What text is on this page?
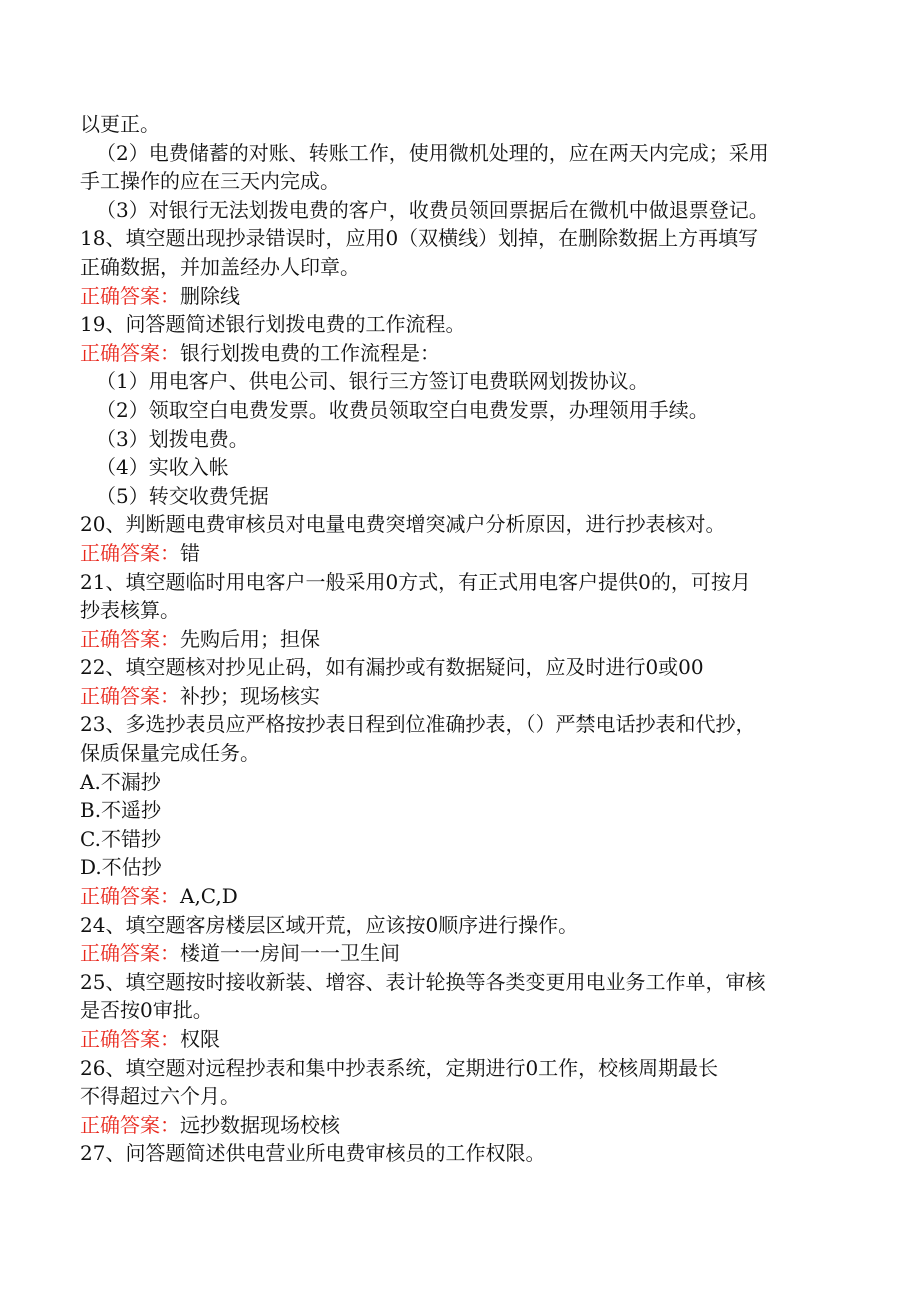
以更正。
（2）电费储蓄的对账、转账工作，使用微机处理的，应在两天内完成；采用
手工操作的应在三天内完成。
（3）对银行无法划拨电费的客户，收费员领回票据后在微机中做退票登记。
18、填空题出现抄录错误时，应用0（双横线）划掉，在删除数据上方再填写
正确数据，并加盖经办人印章。
正确答案：删除线
19、问答题简述银行划拨电费的工作流程。
正确答案：银行划拨电费的工作流程是：
（1）用电客户、供电公司、银行三方签订电费联网划拨协议。
（2）领取空白电费发票。收费员领取空白电费发票，办理领用手续。
（3）划拨电费。
（4）实收入帐
（5）转交收费凭据
20、判断题电费审核员对电量电费突增突减户分析原因，进行抄表核对。
正确答案：错
21、填空题临时用电客户一般采用0方式，有正式用电客户提供0的，可按月
抄表核算。
正确答案：先购后用；担保
22、填空题核对抄见止码，如有漏抄或有数据疑问，应及时进行0或00
正确答案：补抄；现场核实
23、多选抄表员应严格按抄表日程到位准确抄表，（）严禁电话抄表和代抄，
保质保量完成任务。
A.不漏抄
B.不遥抄
C.不错抄
D.不估抄
正确答案：A,C,D
24、填空题客房楼层区域开荒，应该按0顺序进行操作。
正确答案：楼道一一房间一一卫生间
25、填空题按时接收新装、增容、表计轮换等各类变更用电业务工作单，审核
是否按0审批。
正确答案：权限
26、填空题对远程抄表和集中抄表系统，定期进行0工作，校核周期最长
不得超过六个月。
正确答案：远抄数据现场校核
27、问答题简述供电营业所电费审核员的工作权限。
